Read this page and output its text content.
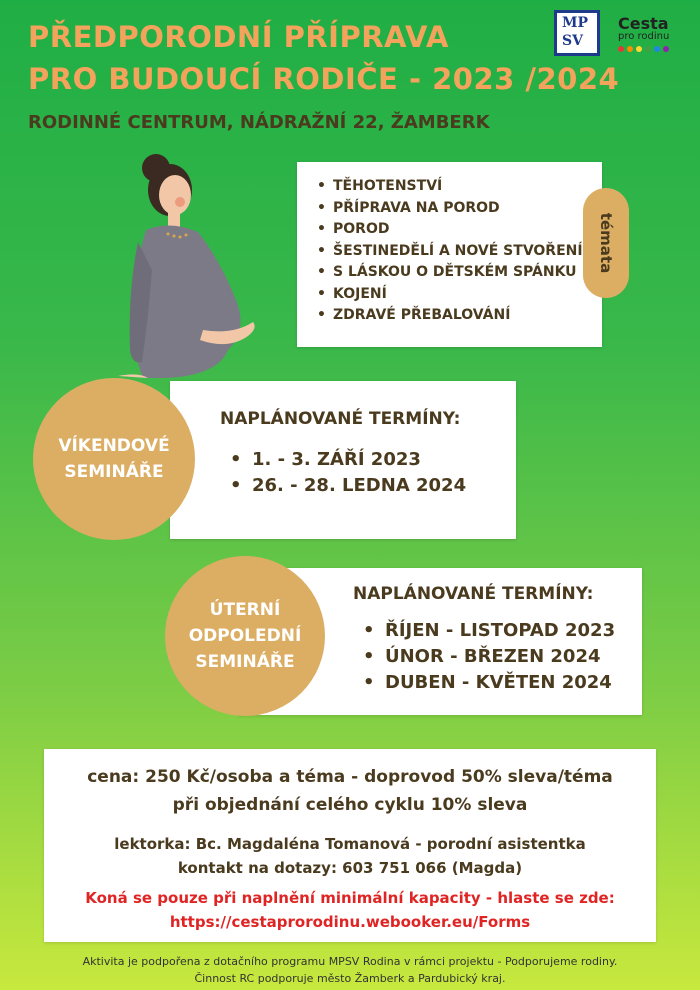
PŘEDPORODNÍ PŘÍPRAVA
PRO BUDOUCÍ RODIČE - 2023 /2024
RODINNÉ CENTRUM, NÁDRAŽNÍ 22, ŽAMBERK
MP
SV
Cesta
pro rodinu
• TĚHOTENSTVÍ
• PŘÍPRAVA NA POROD
• POROD
• ŠESTINEDĚLÍ A NOVÉ STVOŘENÍ
• S LÁSKOU O DĚTSKÉM SPÁNKU
• KOJENÍ
• ZDRAVÉ PŘEBALOVÁNÍ
témata
NAPLÁNOVANÉ TERMÍNY:
• 1. - 3. ZÁŘÍ 2023
• 26. - 28. LEDNA 2024
VÍKENDOVÉ
SEMINÁŘE
NAPLÁNOVANÉ TERMÍNY:
• ŘÍJEN - LISTOPAD 2023
• ÚNOR - BŘEZEN 2024
• DUBEN - KVĚTEN 2024
ÚTERNÍ
ODPOLEDNÍ
SEMINÁŘE

cena: 250 Kč/osoba a téma - doprovod 50% sleva/téma

při objednání celého cyklu 10% sleva

lektorka: Bc. Magdaléna Tomanová - porodní asistentka

kontakt na dotazy: 603 751 066 (Magda)

Koná se pouze při naplnění minimální kapacity - hlaste se zde:

https://cestaprorodinu.webooker.eu/Forms

Aktivita je podpořena z dotačního programu MPSV Rodina v rámci projektu - Podporujeme rodiny.
Činnost RC podporuje město Žamberk a Pardubický kraj.
